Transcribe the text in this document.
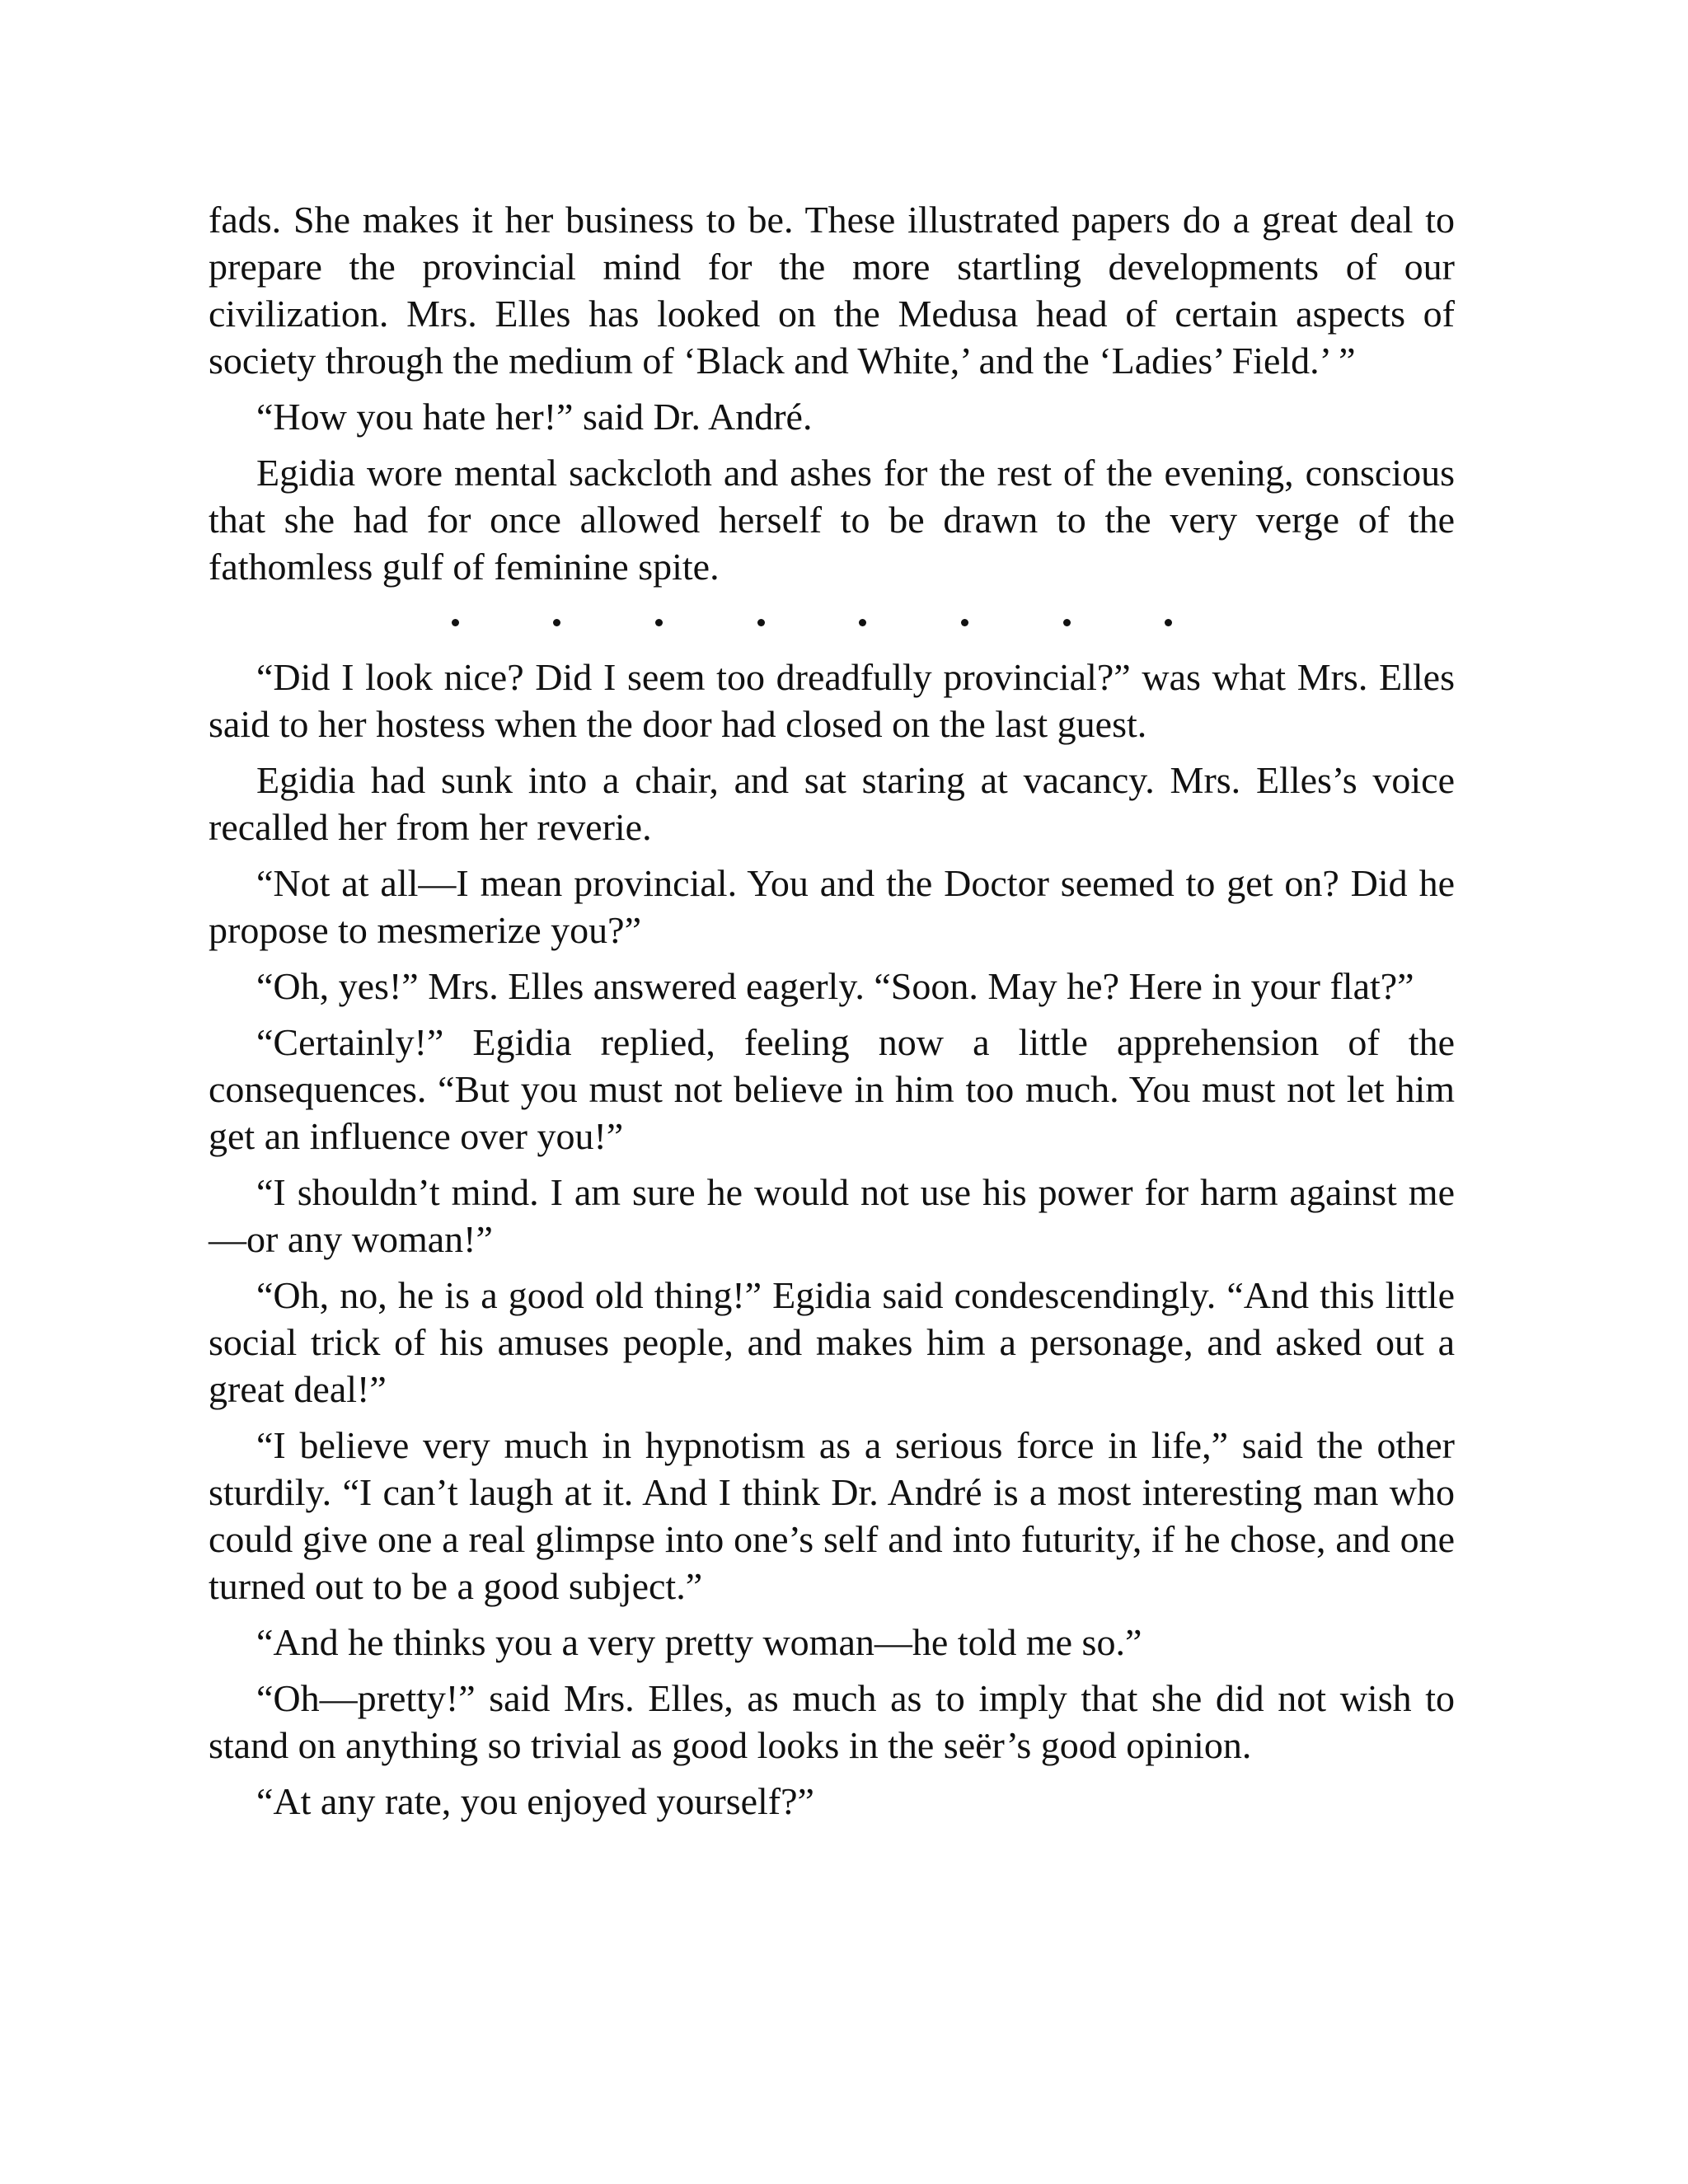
fads. She makes it her business to be. These illustrated papers do a great deal to prepare the provincial mind for the more startling developments of our civilization. Mrs. Elles has looked on the Medusa head of certain aspects of society through the medium of ‘Black and White,’ and the ‘Ladies’ Field.’ ”

“How you hate her!” said Dr. André.

Egidia wore mental sackcloth and ashes for the rest of the evening, conscious that she had for once allowed herself to be drawn to the very verge of the fathomless gulf of feminine spite.

“Did I look nice? Did I seem too dreadfully provincial?” was what Mrs. Elles said to her hostess when the door had closed on the last guest.

Egidia had sunk into a chair, and sat staring at vacancy. Mrs. Elles’s voice recalled her from her reverie.

“Not at all—I mean provincial. You and the Doctor seemed to get on? Did he propose to mesmerize you?”

“Oh, yes!” Mrs. Elles answered eagerly. “Soon. May he? Here in your flat?”

“Certainly!” Egidia replied, feeling now a little apprehension of the consequences. “But you must not believe in him too much. You must not let him get an influence over you!”

“I shouldn’t mind. I am sure he would not use his power for harm against me—or any woman!”

“Oh, no, he is a good old thing!” Egidia said condescendingly. “And this little social trick of his amuses people, and makes him a personage, and asked out a great deal!”

“I believe very much in hypnotism as a serious force in life,” said the other sturdily. “I can’t laugh at it. And I think Dr. André is a most interesting man who could give one a real glimpse into one’s self and into futurity, if he chose, and one turned out to be a good subject.”

“And he thinks you a very pretty woman—he told me so.”

“Oh—pretty!” said Mrs. Elles, as much as to imply that she did not wish to stand on anything so trivial as good looks in the seër’s good opinion.

“At any rate, you enjoyed yourself?”
